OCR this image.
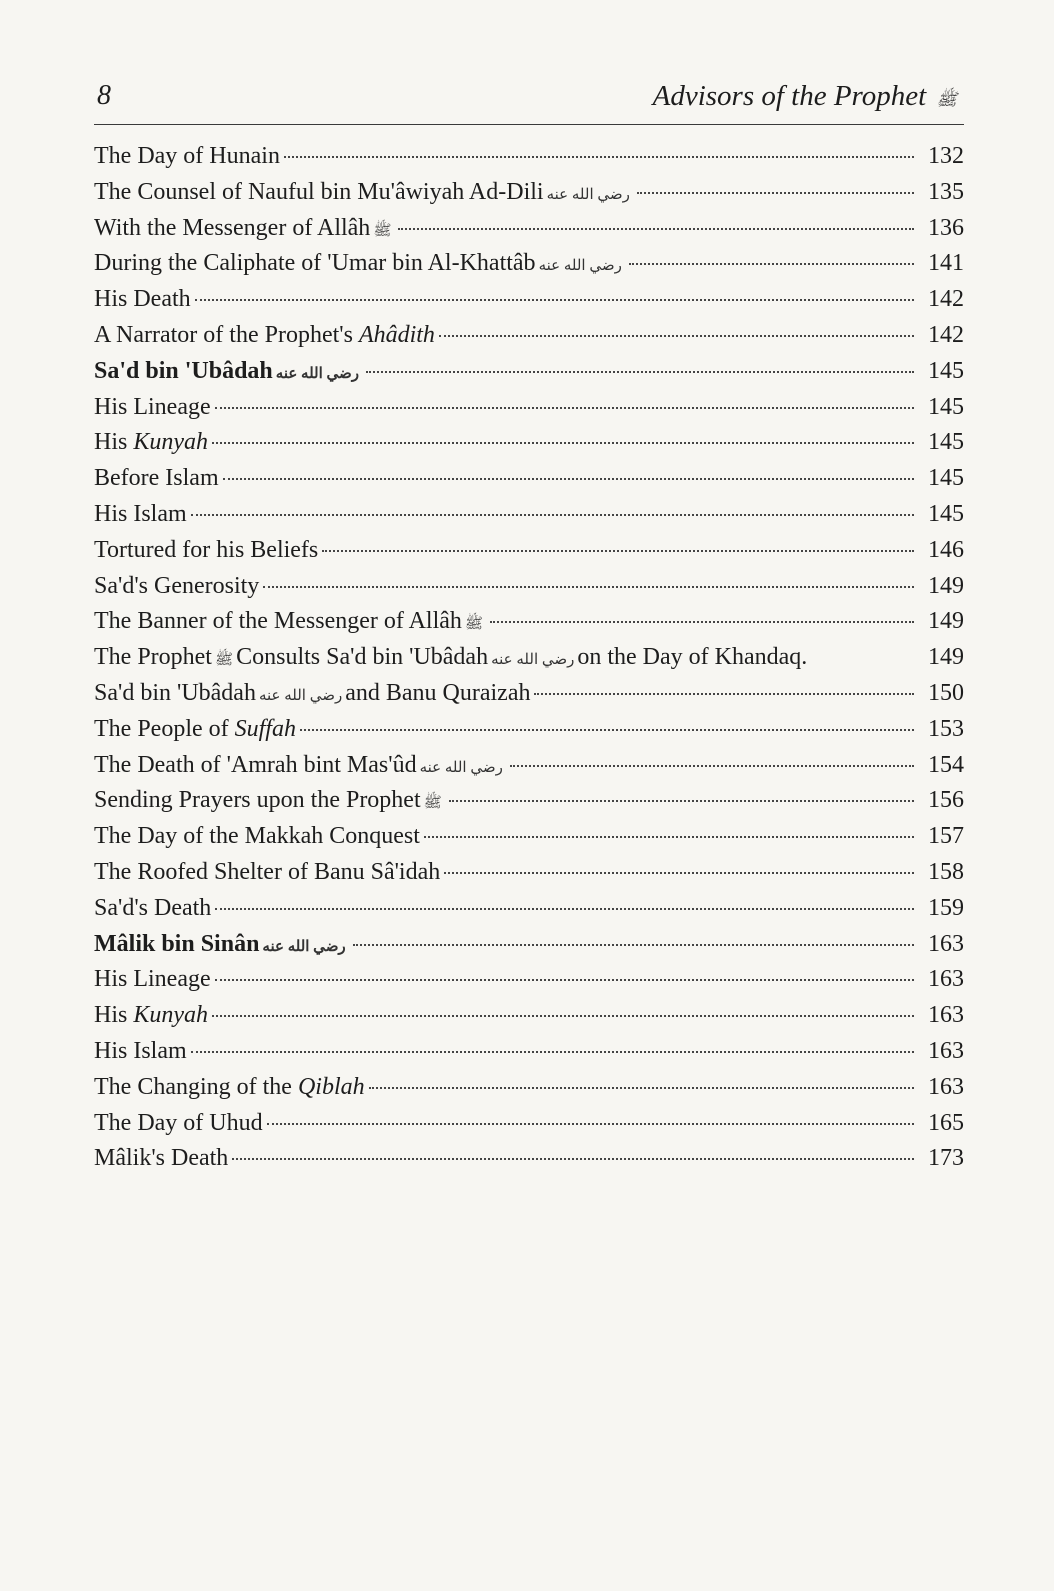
8	Advisors of the Prophet ﷺ
The Day of Hunain	132
The Counsel of Nauful bin Mu'âwiyah Ad-Dili رضي الله عنه	135
With the Messenger of Allâh ﷺ	136
During the Caliphate of 'Umar bin Al-Khattâb رضي الله عنه	141
His Death	142
A Narrator of the Prophet's Ahâdith	142
Sa'd bin 'Ubâdah رضي الله عنه	145
His Lineage	145
His Kunyah	145
Before Islam	145
His Islam	145
Tortured for his Beliefs	146
Sa'd's Generosity	149
The Banner of the Messenger of Allâh ﷺ	149
The Prophet ﷺ Consults Sa'd bin 'Ubâdah رضي الله عنه on the Day of Khandaq.	149
Sa'd bin 'Ubâdah رضي الله عنه and Banu Quraizah	150
The People of Suffah	153
The Death of 'Amrah bint Mas'ûd رضي الله عنه	154
Sending Prayers upon the Prophet ﷺ	156
The Day of the Makkah Conquest	157
The Roofed Shelter of Banu Sâ'idah	158
Sa'd's Death	159
Mâlik bin Sinân رضي الله عنه	163
His Lineage	163
His Kunyah	163
His Islam	163
The Changing of the Qiblah	163
The Day of Uhud	165
Mâlik's Death	173
